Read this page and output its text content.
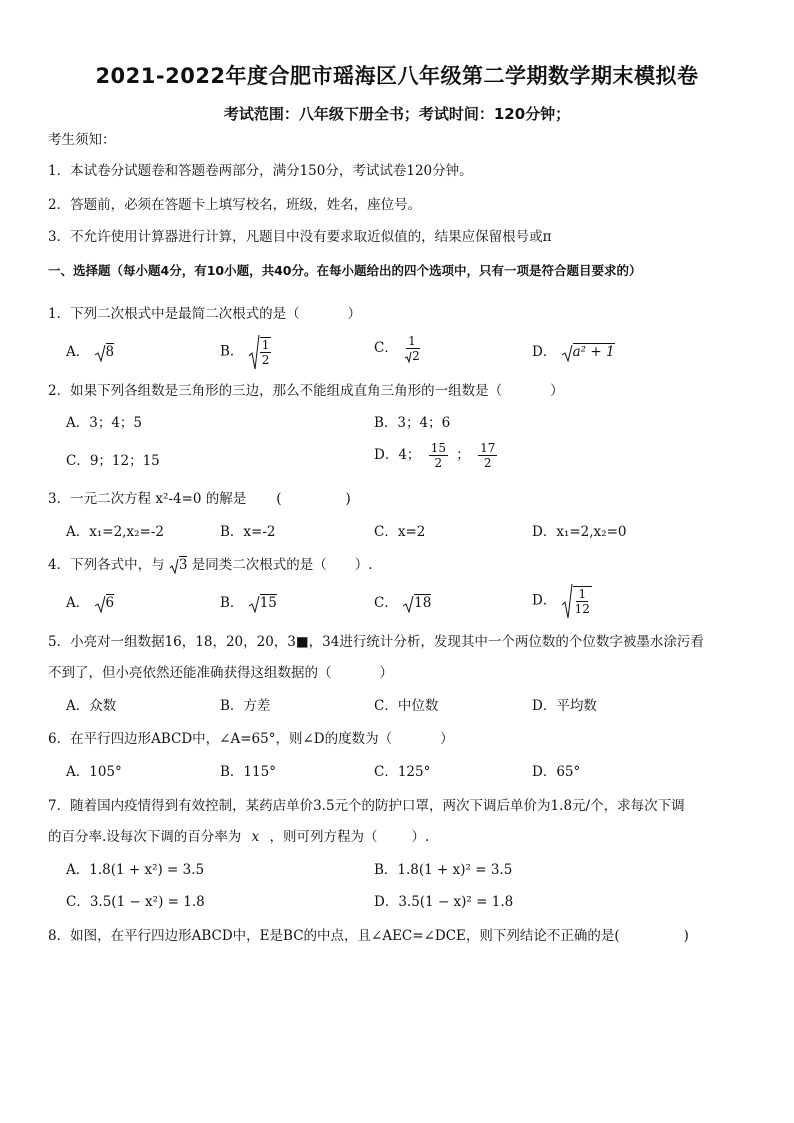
2021-2022年度合肥市瑶海区八年级第二学期数学期末模拟卷
考试范围：八年级下册全书；考试时间：120分钟；
考生须知：
1．本试卷分试题卷和答题卷两部分，满分150分，考试试卷120分钟。
2．答题前，必须在答题卡上填写校名，班级，姓名，座位号。
3．不允许使用计算器进行计算，凡题目中没有要求取近似值的，结果应保留根号或π
一、选择题（每小题4分，有10小题，共40分。在每小题给出的四个选项中，只有一项是符合题目要求的）
1．下列二次根式中是最简二次根式的是（	）
A． 8	B． $\frac{1}{2}$	C． $\frac{1}{2}$	D． a² + 1
2．如果下列各组数是三角形的三边，那么不能组成直角三角形的一组数是（	）
A．3；4；5	B．3；4；6
C．9；12；15	D．4； $\frac{15}{2}$ ； $\frac{17}{2}$
3．一元二次方程 x²-4=0 的解是 (	)
A．x₁=2,x₂=-2	B．x=-2	C．x=2	D．x₁=2,x₂=0
4．下列各式中，与 3 是同类二次根式的是（ ）.
A． 6	B． 15	C． 18	D． $\frac{1}{12}$
5．小亮对一组数据16，18，20，20，3■，34进行统计分析，发现其中一个两位数的个位数字被墨水涂污看
不到了，但小亮依然还能准确获得这组数据的（	）
A．众数	B．方差	C．中位数	D．平均数
6．在平行四边形ABCD中，∠A=65°，则∠D的度数为（	）
A．105°	B．115°	C．125°	D．65°
7．随着国内疫情得到有效控制，某药店单价3.5元个的防护口罩，两次下调后单价为1.8元/个，求每次下调
的百分率.设每次下调的百分率为 x ，则可列方程为（	）.
A．1.8(1 + x²) = 3.5	B．1.8(1 + x)² = 3.5
C．3.5(1 − x²) = 1.8	D．3.5(1 − x)² = 1.8
8．如图，在平行四边形ABCD中，E是BC的中点，且∠AEC=∠DCE，则下列结论不正确的是(	)
